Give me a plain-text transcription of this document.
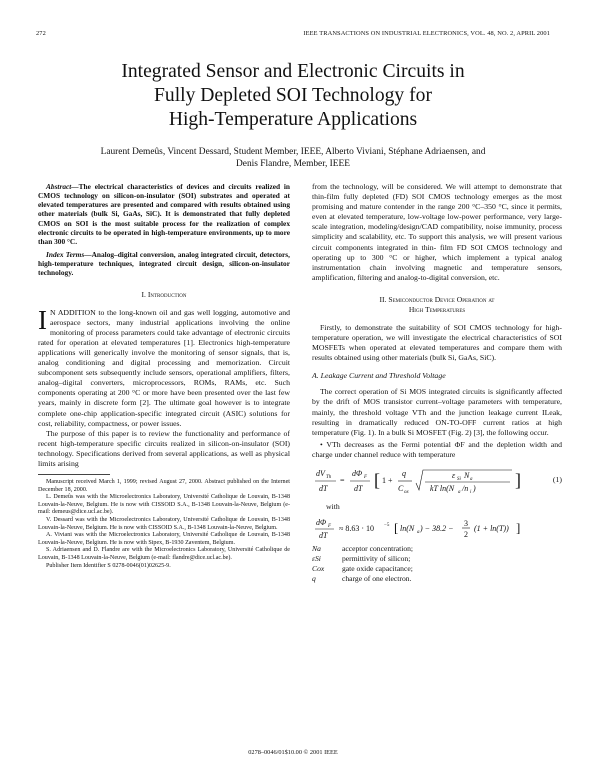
272	IEEE TRANSACTIONS ON INDUSTRIAL ELECTRONICS, VOL. 48, NO. 2, APRIL 2001
Integrated Sensor and Electronic Circuits in
Fully Depleted SOI Technology for
High-Temperature Applications
Laurent Demeûs, Vincent Dessard, Student Member, IEEE, Alberto Viviani, Stéphane Adriaensen, and
Denis Flandre, Member, IEEE

Abstract—The electrical characteristics of devices and circuits realized in CMOS technology on silicon-on-insulator (SOI) substrates and operated at elevated temperatures are presented and compared with results obtained using other materials (bulk Si, GaAs, SiC). It is demonstrated that fully depleted CMOS on SOI is the most suitable process for the realization of complex electronic circuits to be operated in high-temperature environments, up to more than 300 °C.

Index Terms—Analog–digital conversion, analog integrated circuit, detectors, high-temperature techniques, integrated circuit design, silicon-on-insulator technology.

I. Introduction

I N ADDITION to the long-known oil and gas well logging, automotive and aerospace sectors, many industrial applications involving the online monitoring of process parameters could take advantage of electronic circuits rated for operation at elevated temperatures [1]. Electronics high-temperature applications will generically involve the monitoring of sensor signals, that is, analog conditioning and digital processing and memorization. Circuit subcomponent sets subsequently include sensors, operational amplifiers, filters, analog–digital converters, microprocessors, ROMs, RAMs, etc. Such components operating at 200 °C or more have been presented over the last few years, mainly in discrete form [2]. The ultimate goal however is to integrate complete one-chip application-specific integrated circuit (ASIC) solutions for cost, reliability, compactness, or power issues.

The purpose of this paper is to review the functionality and performance of recent high-temperature specific circuits realized in silicon-on-insulator (SOI) technology. Specifications derived from several applications, as well as physical limits arising

Manuscript received March 1, 1999; revised August 27, 2000. Abstract published on the Internet December 18, 2000.

L. Demeûs was with the Microelectronics Laboratory, Université Catholique de Louvain, B-1348 Louvain-la-Neuve, Belgium. He is now with CISSOID S.A., B-1348 Louvain-la-Neuve, Belgium (e-mail: demeus@dice.ucl.ac.be).

V. Dessard was with the Microelectronics Laboratory, Université Catholique de Louvain, B-1348 Louvain-la-Neuve, Belgium. He is now with CISSOID S.A., B-1348 Louvain-la-Neuve, Belgium.

A. Viviani was with the Microelectronics Laboratory, Université Catholique de Louvain, B-1348 Louvain-la-Neuve, Belgium. He is now with Sipex, B-1930 Zaventem, Belgium.

S. Adriaensen and D. Flandre are with the Microelectronics Laboratory, Université Catholique de Louvain, B-1348 Louvain-la-Neuve, Belgium (e-mail: flandre@dice.ucl.ac.be).

Publisher Item Identifier S 0278-0046(01)02625-9.

from the technology, will be considered. We will attempt to demonstrate that thin-film fully depleted (FD) SOI CMOS technology emerges as the most promising and mature contender in the range 200 °C–350 °C, since it permits, even at elevated temperature, low-voltage low-power performance, very large-scale integration, modeling/design/CAD compatibility, noise immunity, process simplicity and scalability, etc. To support this analysis, we will present various circuit components integrated in thin- film FD SOI CMOS technology and operating up to 300 °C or higher, which implement a typical analog instrumentation chain involving magnetic and temperature sensors, amplification, filtering and analog-to-digital conversion, etc.

II. Semiconductor Device Operation at
High Temperatures

Firstly, to demonstrate the suitability of SOI CMOS technology for high-temperature operation, we will investigate the electrical characteristics of SOI MOSFETs when operated at elevated temperatures and compare them with results obtained using other materials (bulk Si, GaAs, SiC).

A. Leakage Current and Threshold Voltage

The correct operation of Si MOS integrated circuits is significantly affected by the drift of MOS transistor current–voltage parameters with temperature, mainly, the threshold voltage VTh and the junction leakage current ILeak, resulting in dramatically reduced ON-TO-OFF current ratios at high temperature (Fig. 1). In a bulk Si MOSFET (Fig. 2) [3], the following occur.

• VTh decreases as the Fermi potential ΦF and the depletion width and charge under channel reduce with temperature

dV Th
dT
=
dΦ F
dT [ 1 +
q
C ox
ε Si N a
kT ln(N a /n i ) ]	(1)

with

dΦ F
dT
≈ 8.63 · 10 −5 [ ln(N a ) − 38.2 −
3
2
(1 + ln(T)) ]
Na	acceptor concentration;
εSi	permittivity of silicon;
Cox	gate oxide capacitance;
q	charge of one electron.
0278–0046/01$10.00 © 2001 IEEE
